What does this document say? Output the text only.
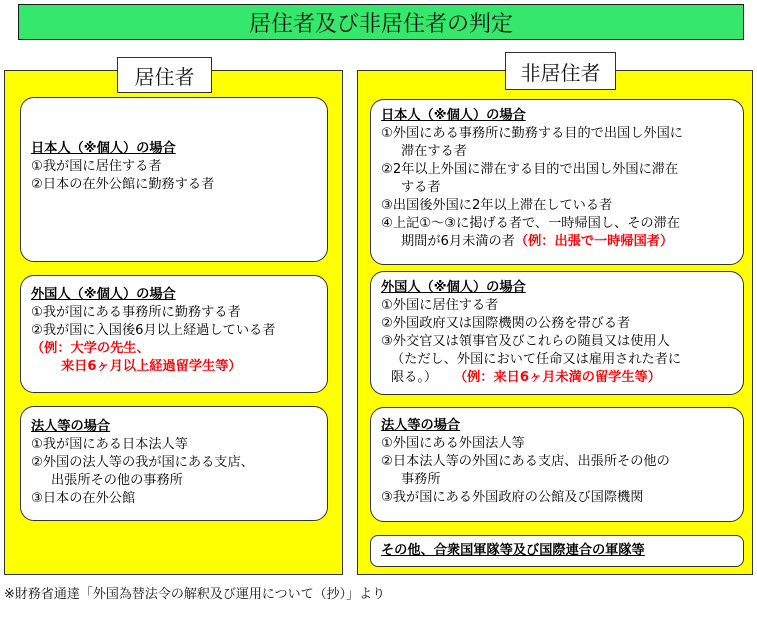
居住者及び非居住者の判定
居住者
日本人（※個人）の場合
①我が国に居住する者
②日本の在外公館に勤務する者
外国人（※個人）の場合
①我が国にある事務所に勤務する者
②我が国に入国後6月以上経過している者
（例：大学の先生、
来日6ヶ月以上経過留学生等）
法人等の場合
①我が国にある日本法人等
②外国の法人等の我が国にある支店、
出張所その他の事務所
③日本の在外公館
非居住者
日本人（※個人）の場合
①外国にある事務所に勤務する目的で出国し外国に
滞在する者
②2年以上外国に滞在する目的で出国し外国に滞在
する者
③出国後外国に2年以上滞在している者
④上記①～③に掲げる者で、一時帰国し、その滞在
期間が6月未満の者（例：出張で一時帰国者）
外国人（※個人）の場合
①外国に居住する者
②外国政府又は国際機関の公務を帯びる者
③外交官又は領事官及びこれらの随員又は使用人
（ただし、外国において任命又は雇用された者に
限る。） （例：来日6ヶ月未満の留学生等）
法人等の場合
①外国にある外国法人等
②日本法人等の外国にある支店、出張所その他の
事務所
③我が国にある外国政府の公館及び国際機関
その他、合衆国軍隊等及び国際連合の軍隊等
※財務省通達「外国為替法令の解釈及び運用について（抄）」より
